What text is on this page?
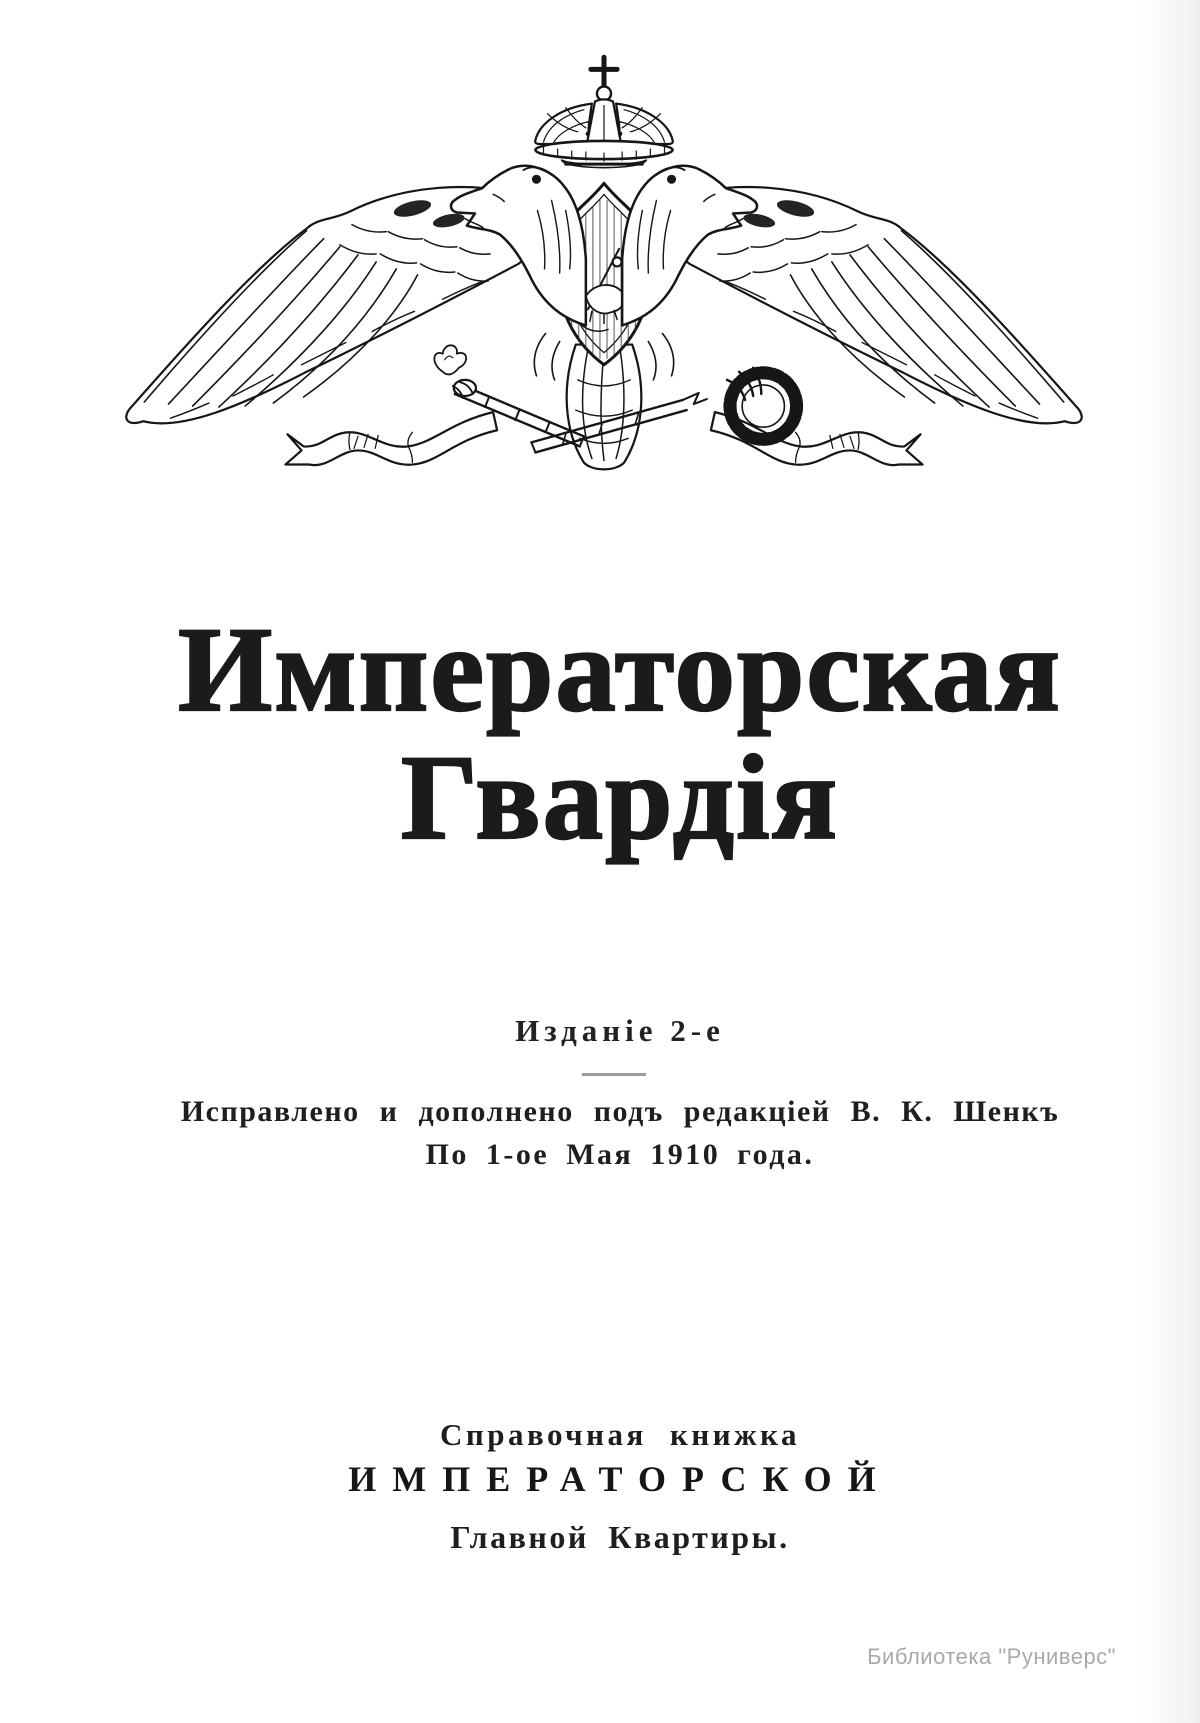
Императорская
Гвардія
Изданіе 2-е
Исправлено и дополнено подъ редакціей В. К. Шенкъ
По 1-ое Мая 1910 года.
Справочная книжка
ИМПЕРАТОРСКОЙ
Главной Квартиры.
Библиотека "Руниверс"
